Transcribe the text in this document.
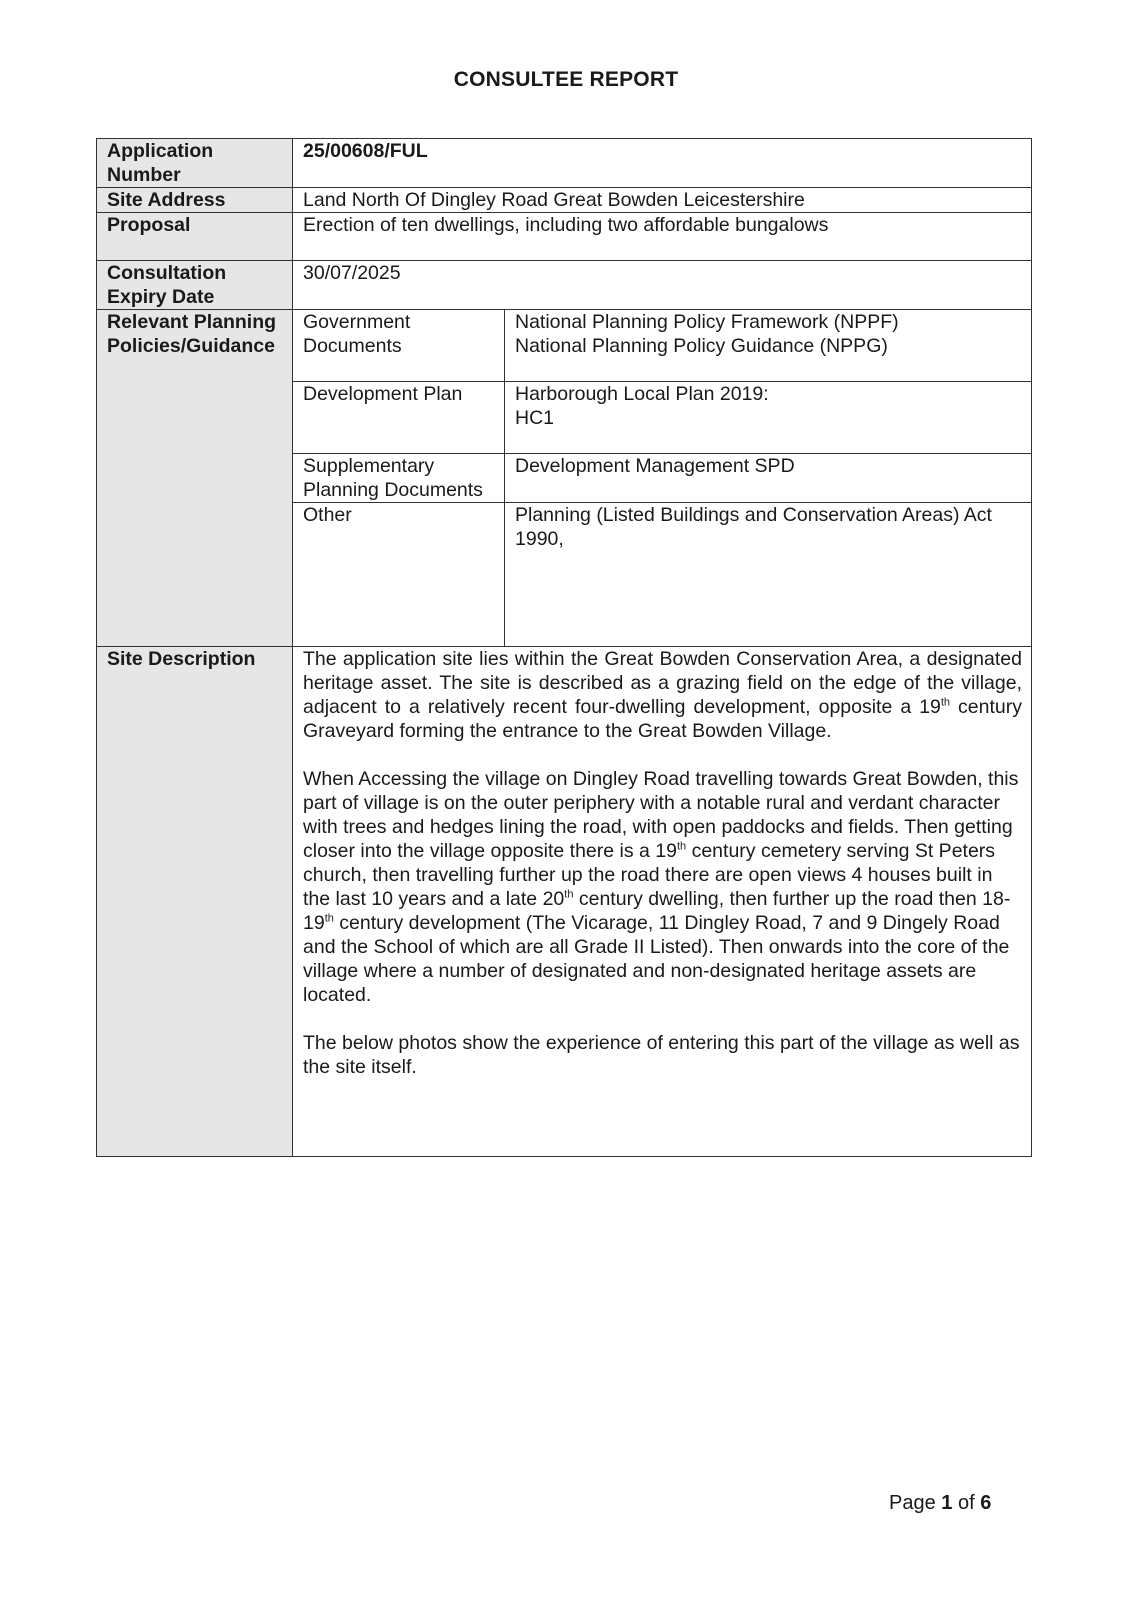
CONSULTEE REPORT
Application Number	25/00608/FUL	
Site Address	Land North Of Dingley Road Great Bowden Leicestershire	
Proposal	Erection of ten dwellings, including two affordable bungalows	
Consultation Expiry Date	30/07/2025	
Relevant Planning Policies/Guidance	Government Documents	National Planning Policy Framework (NPPF)
National Planning Policy Guidance (NPPG)

	Development Plan	Harborough Local Plan 2019:
HC1

	Supplementary Planning Documents	Development Management SPD

	Other	Planning (Listed Buildings and Conservation Areas) Act 1990,

Site Description	The application site lies within the Great Bowden Conservation Area, a designated heritage asset. The site is described as a grazing field on the edge of the village, adjacent to a relatively recent four-dwelling development, opposite a 19th century Graveyard forming the entrance to the Great Bowden Village.
When Accessing the village on Dingley Road travelling towards Great Bowden, this part of village is on the outer periphery with a notable rural and verdant character with trees and hedges lining the road, with open paddocks and fields. Then getting closer into the village opposite there is a 19th century cemetery serving St Peters church, then travelling further up the road there are open views 4 houses built in the last 10 years and a late 20th century dwelling, then further up the road then 18-19th century development (The Vicarage, 11 Dingley Road, 7 and 9 Dingely Road and the School of which are all Grade II Listed). Then onwards into the core of the village where a number of designated and non-designated heritage assets are located.
The below photos show the experience of entering this part of the village as well as the site itself.	
Page 1 of 6
